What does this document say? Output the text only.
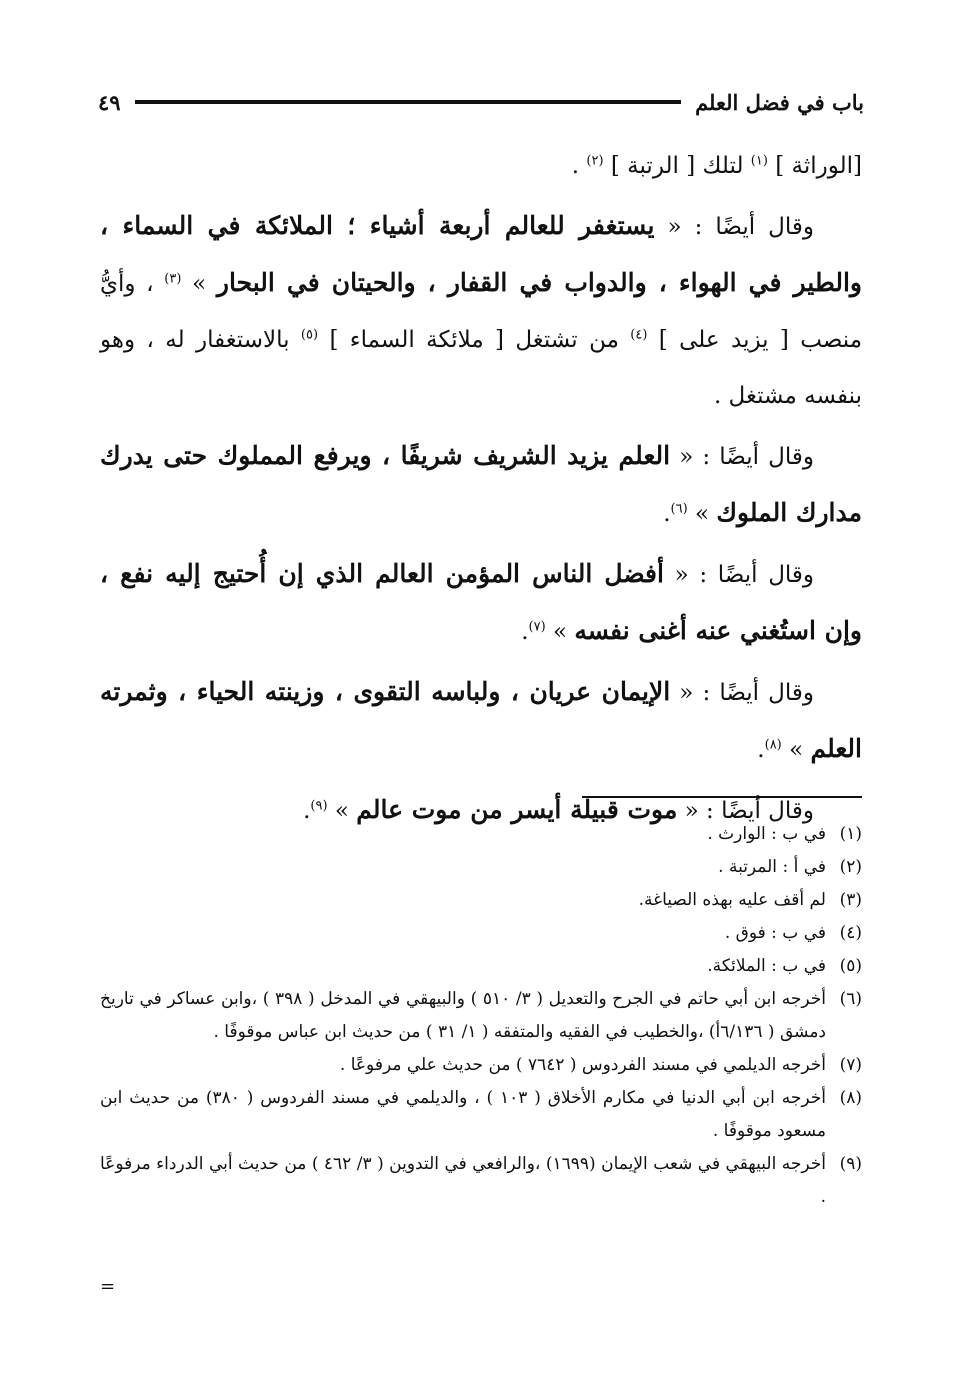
باب في فضل العلم
٤٩

[الوراثة ] $^{(١)}$ لتلك [ الرتبة ] $^{(٢)}$ .

وقال أيضًا : « يستغفر للعالم أربعة أشياء ؛ الملائكة في السماء ، والطير في الهواء ، والدواب في القفار ، والحيتان في البحار » $^{(٣)}$ ، وأيُّ منصب [ يزيد على ] $^{(٤)}$ من تشتغل [ ملائكة السماء ] $^{(٥)}$ بالاستغفار له ، وهو بنفسه مشتغل .

وقال أيضًا : « العلم يزيد الشريف شريفًا ، ويرفع المملوك حتى يدرك مدارك الملوك » $^{(٦)}$.

وقال أيضًا : « أفضل الناس المؤمن العالم الذي إن أُحتيج إليه نفع ، وإن استُغني عنه أغنى نفسه » $^{(٧)}$.

وقال أيضًا : « الإيمان عريان ، ولباسه التقوى ، وزينته الحياء ، وثمرته العلم » $^{(٨)}$.

وقال أيضًا : « موت قبيلة أيسر من موت عالم » $^{(٩)}$.

(١)
في ب : الوارث .
(٢)
في أ : المرتبة .
(٣)
لم أقف عليه بهذه الصياغة.
(٤)
في ب : فوق .
(٥)
في ب : الملائكة.
(٦)
أخرجه ابن أبي حاتم في الجرح والتعديل ( ٣/ ٥١٠ ) والبيهقي في المدخل ( ٣٩٨ ) ،وابن عساكر في تاريخ دمشق ( ٦/١٣٦أ) ،والخطيب في الفقيه والمتفقه ( ١/ ٣١ ) من حديث ابن عباس موقوفًا .
(٧)
أخرجه الديلمي في مسند الفردوس ( ٧٦٤٢ ) من حديث علي مرفوعًا .
(٨)
أخرجه ابن أبي الدنيا في مكارم الأخلاق ( ١٠٣ ) ، والديلمي في مسند الفردوس ( ٣٨٠) من حديث ابن مسعود موقوفًا .
(٩)
أخرجه البيهقي في شعب الإيمان (١٦٩٩) ،والرافعي في التدوين ( ٣/ ٤٦٢ ) من حديث أبي الدرداء مرفوعًا .
=
